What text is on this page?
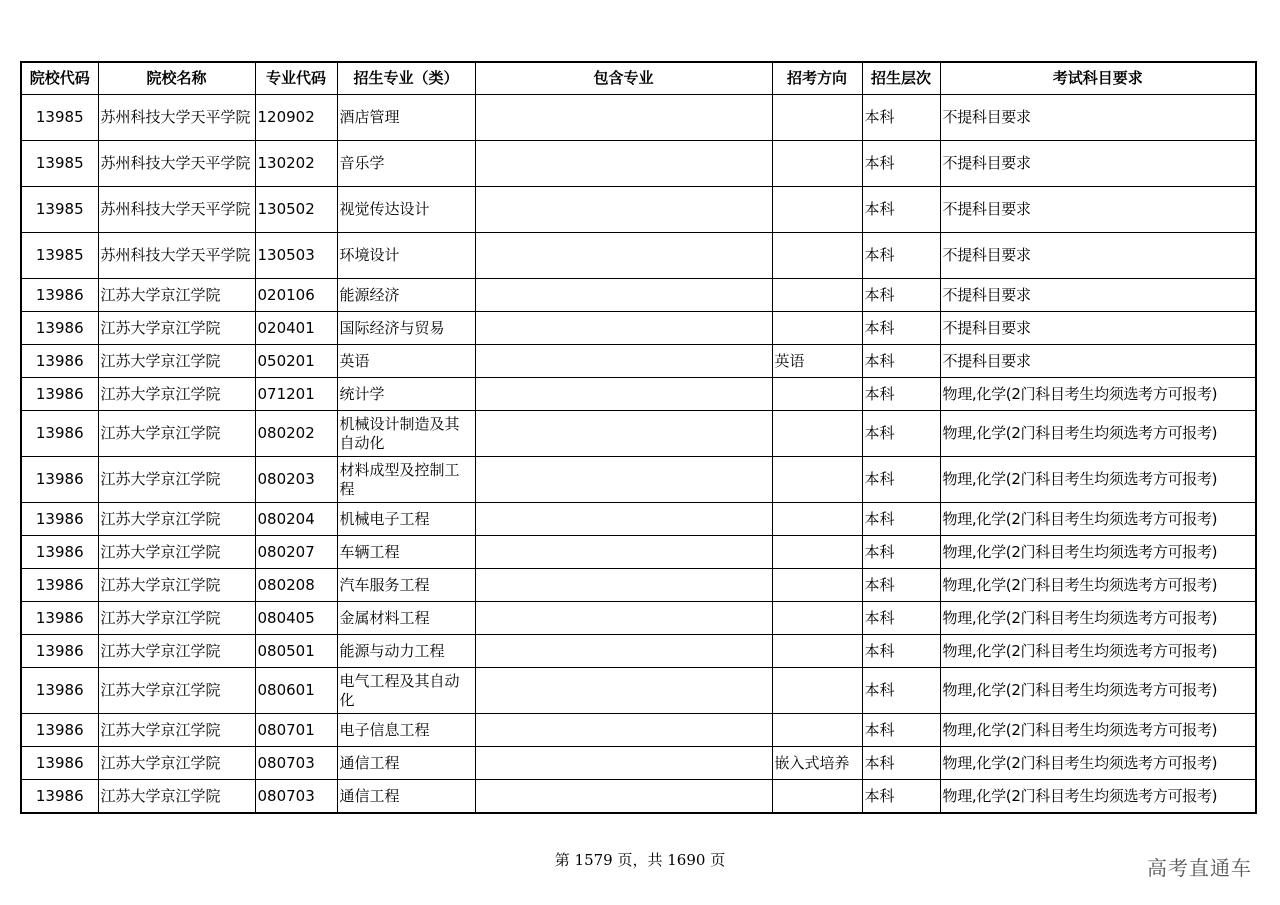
院校代码	院校名称	专业代码	招生专业（类）	包含专业	招考方向	招生层次	考试科目要求
13985	苏州科技大学天平学院	120902	酒店管理			本科	不提科目要求
13985	苏州科技大学天平学院	130202	音乐学			本科	不提科目要求
13985	苏州科技大学天平学院	130502	视觉传达设计			本科	不提科目要求
13985	苏州科技大学天平学院	130503	环境设计			本科	不提科目要求
13986	江苏大学京江学院	020106	能源经济			本科	不提科目要求
13986	江苏大学京江学院	020401	国际经济与贸易			本科	不提科目要求
13986	江苏大学京江学院	050201	英语		英语	本科	不提科目要求
13986	江苏大学京江学院	071201	统计学			本科	物理,化学(2门科目考生均须选考方可报考)
13986	江苏大学京江学院	080202	机械设计制造及其自动化			本科	物理,化学(2门科目考生均须选考方可报考)
13986	江苏大学京江学院	080203	材料成型及控制工程			本科	物理,化学(2门科目考生均须选考方可报考)
13986	江苏大学京江学院	080204	机械电子工程			本科	物理,化学(2门科目考生均须选考方可报考)
13986	江苏大学京江学院	080207	车辆工程			本科	物理,化学(2门科目考生均须选考方可报考)
13986	江苏大学京江学院	080208	汽车服务工程			本科	物理,化学(2门科目考生均须选考方可报考)
13986	江苏大学京江学院	080405	金属材料工程			本科	物理,化学(2门科目考生均须选考方可报考)
13986	江苏大学京江学院	080501	能源与动力工程			本科	物理,化学(2门科目考生均须选考方可报考)
13986	江苏大学京江学院	080601	电气工程及其自动化			本科	物理,化学(2门科目考生均须选考方可报考)
13986	江苏大学京江学院	080701	电子信息工程			本科	物理,化学(2门科目考生均须选考方可报考)
13986	江苏大学京江学院	080703	通信工程		嵌入式培养	本科	物理,化学(2门科目考生均须选考方可报考)
13986	江苏大学京江学院	080703	通信工程			本科	物理,化学(2门科目考生均须选考方可报考)
第 1579 页，共 1690 页	高考直通车
